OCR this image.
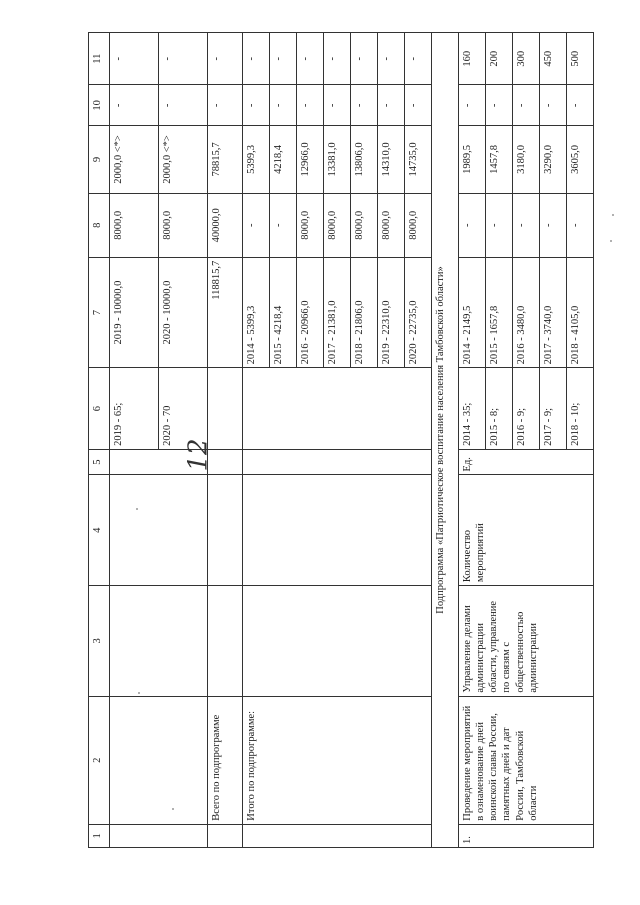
12
1	2	3	4	5	6	7	8	9	10	11
					2019 - 65;	2019 - 10000,0	8000,0	2000,0 <*>	-	-
					2020 - 70	2020 - 10000,0	8000,0	2000,0 <*>	-	-
	Всего по подпрограмме					118815,7	40000,0	78815,7	-	-
	Итого по подпрограмме:					2014 - 5399,3	-	5399,3	-	-
						2015 - 4218,4	-	4218,4	-	-
						2016 - 20966,0	8000,0	12966,0	-	-
						2017 - 21381,0	8000,0	13381,0	-	-
						2018 - 21806,0	8000,0	13806,0	-	-
						2019 - 22310,0	8000,0	14310,0	-	-
						2020 - 22735,0	8000,0	14735,0	-	-
Подпрограмма «Патриотическое воспитание населения Тамбовской области»										
1.	Проведение мероприятий в ознаменование дней воинской славы России, памятных дней и дат России, Тамбовской области	Управление делами администрации области, управление по связям с общественностью администрации	Количество мероприятий	Ед.	2014 - 35;	2014 - 2149,5	-	1989,5	-	160
					2015 - 8;	2015 - 1657,8	-	1457,8	-	200
					2016 - 9;	2016 - 3480,0	-	3180,0	-	300
					2017 - 9;	2017 - 3740,0	-	3290,0	-	450
					2018 - 10;	2018 - 4105,0	-	3605,0	-	500
